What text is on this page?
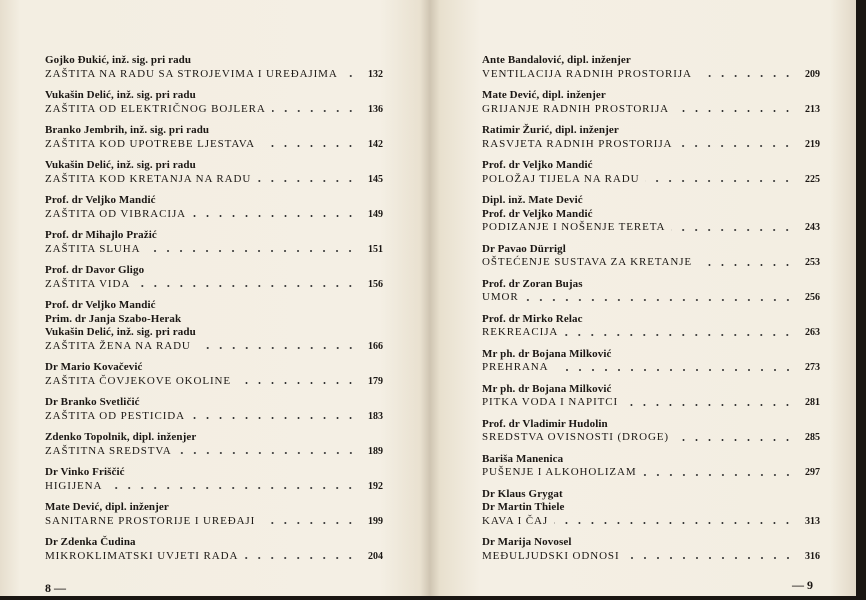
Gojko Đukić, inž. sig. pri radu
ZAŠTITA NA RADU SA STROJEVIMA I UREĐAJIMA	132
Vukašin Delić, inž. sig. pri radu
ZAŠTITA OD ELEKTRIČNOG BOJLERA	136
Branko Jembrih, inž. sig. pri radu
ZAŠTITA KOD UPOTREBE LJESTAVA	142
Vukašin Delić, inž. sig. pri radu
ZAŠTITA KOD KRETANJA NA RADU	145
Prof. dr Veljko Mandić
ZAŠTITA OD VIBRACIJA	149
Prof. dr Mihajlo Pražić
ZAŠTITA SLUHA	151
Prof. dr Davor Gligo
ZAŠTITA VIDA	156
Prof. dr Veljko Mandić
Prim. dr Janja Szabo-Herak
Vukašin Delić, inž. sig. pri radu
ZAŠTITA ŽENA NA RADU	166
Dr Mario Kovačević
ZAŠTITA ČOVJEKOVE OKOLINE	179
Dr Branko Svetličić
ZAŠTITA OD PESTICIDA	183
Zdenko Topolnik, dipl. inženjer
ZAŠTITNA SREDSTVA	189
Dr Vinko Friščić
HIGIJENA	192
Mate Dević, dipl. inženjer
SANITARNE PROSTORIJE I UREĐAJI	199
Dr Zdenka Čudina
MIKROKLIMATSKI UVJETI RADA	204
Ante Bandalović, dipl. inženjer
VENTILACIJA RADNIH PROSTORIJA	209
Mate Dević, dipl. inženjer
GRIJANJE RADNIH PROSTORIJA	213
Ratimir Žurić, dipl. inženjer
RASVJETA RADNIH PROSTORIJA	219
Prof. dr Veljko Mandić
POLOŽAJ TIJELA NA RADU	225
Dipl. inž. Mate Dević
Prof. dr Veljko Mandić
PODIZANJE I NOŠENJE TERETA	243
Dr Pavao Dürrigl
OŠTEĆENJE SUSTAVA ZA KRETANJE	253
Prof. dr Zoran Bujas
UMOR	256
Prof. dr Mirko Relac
REKREACIJA	263
Mr ph. dr Bojana Milković
PREHRANA	273
Mr ph. dr Bojana Milković
PITKA VODA I NAPITCI	281
Prof. dr Vladimir Hudolin
SREDSTVA OVISNOSTI (DROGE)	285
Bariša Manenica
PUŠENJE I ALKOHOLIZAM	297
Dr Klaus Grygat
Dr Martin Thiele
KAVA I ČAJ	313
Dr Marija Novosel
MEĐULJUDSKI ODNOSI	316
8 —	— 9
